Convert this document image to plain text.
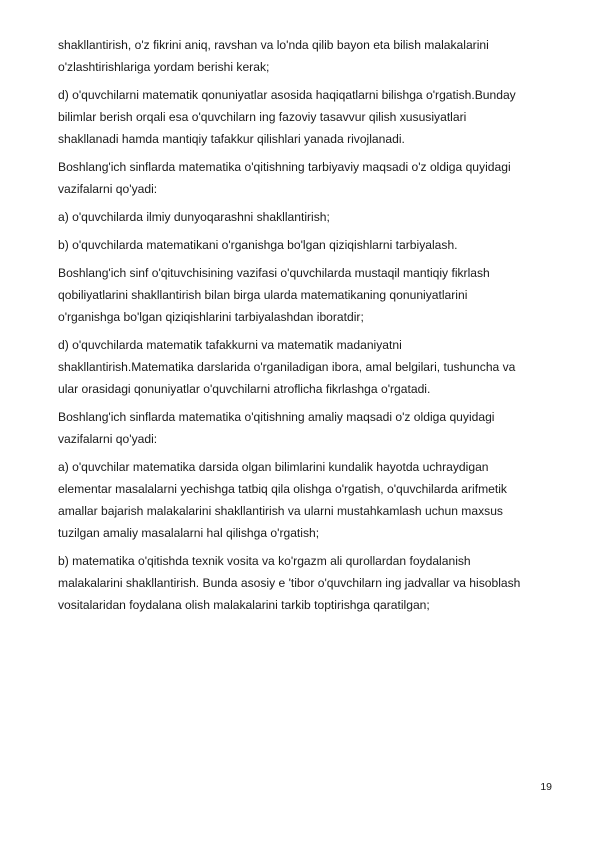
shakllantirish, o'z fikrini aniq, ravshan va lo'nda qilib bayon eta bilish malakalarini
o'zlashtirishlariga yordam berishi kerak;
d) o'quvchilarni matematik qonuniyatlar asosida haqiqatlarni bilishga o'rgatish.Bunday
bilimlar berish orqali esa o'quvchilarn ing fazoviy tasavvur qilish xususiyatlari
shakllanadi hamda mantiqiy tafakkur qilishlari yanada rivojlanadi.
Boshlang'ich sinflarda matematika o'qitishning tarbiyaviy maqsadi o'z oldiga quyidagi
vazifalarni qo'yadi:
a) o'quvchilarda ilmiy dunyoqarashni shakllantirish;
b) o'quvchilarda matematikani o'rganishga bo'lgan qiziqishlarni tarbiyalash.
Boshlang'ich sinf o'qituvchisining vazifasi o'quvchilarda mustaqil mantiqiy fikrlash
qobiliyatlarini shakllantirish bilan birga ularda matematikaning qonuniyatlarini
o'rganishga bo'lgan qiziqishlarini tarbiyalashdan iboratdir;
d) o'quvchilarda matematik tafakkurni va matematik madaniyatni
shakllantirish.Matematika darslarida o'rganiladigan ibora, amal belgilari, tushuncha va
ular orasidagi qonuniyatlar o'quvchilarni atroflicha fikrlashga o'rgatadi.
Boshlang'ich sinflarda matematika o'qitishning amaliy maqsadi o'z oldiga quyidagi
vazifalarni qo'yadi:
a) o'quvchilar matematika darsida olgan bilimlarini kundalik hayotda uchraydigan
elementar masalalarni yechishga tatbiq qila olishga o'rgatish, o'quvchilarda arifmetik
amallar bajarish malakalarini shakllantirish va ularni mustahkamlash uchun maxsus
tuzilgan amaliy masalalarni hal qilishga o'rgatish;
b) matematika o'qitishda texnik vosita va ko'rgazm ali qurollardan foydalanish
malakalarini shakllantirish. Bunda asosiy e 'tibor o'quvchilarn ing jadvallar va hisoblash
vositalaridan foydalana olish malakalarini tarkib toptirishga qaratilgan;
19
